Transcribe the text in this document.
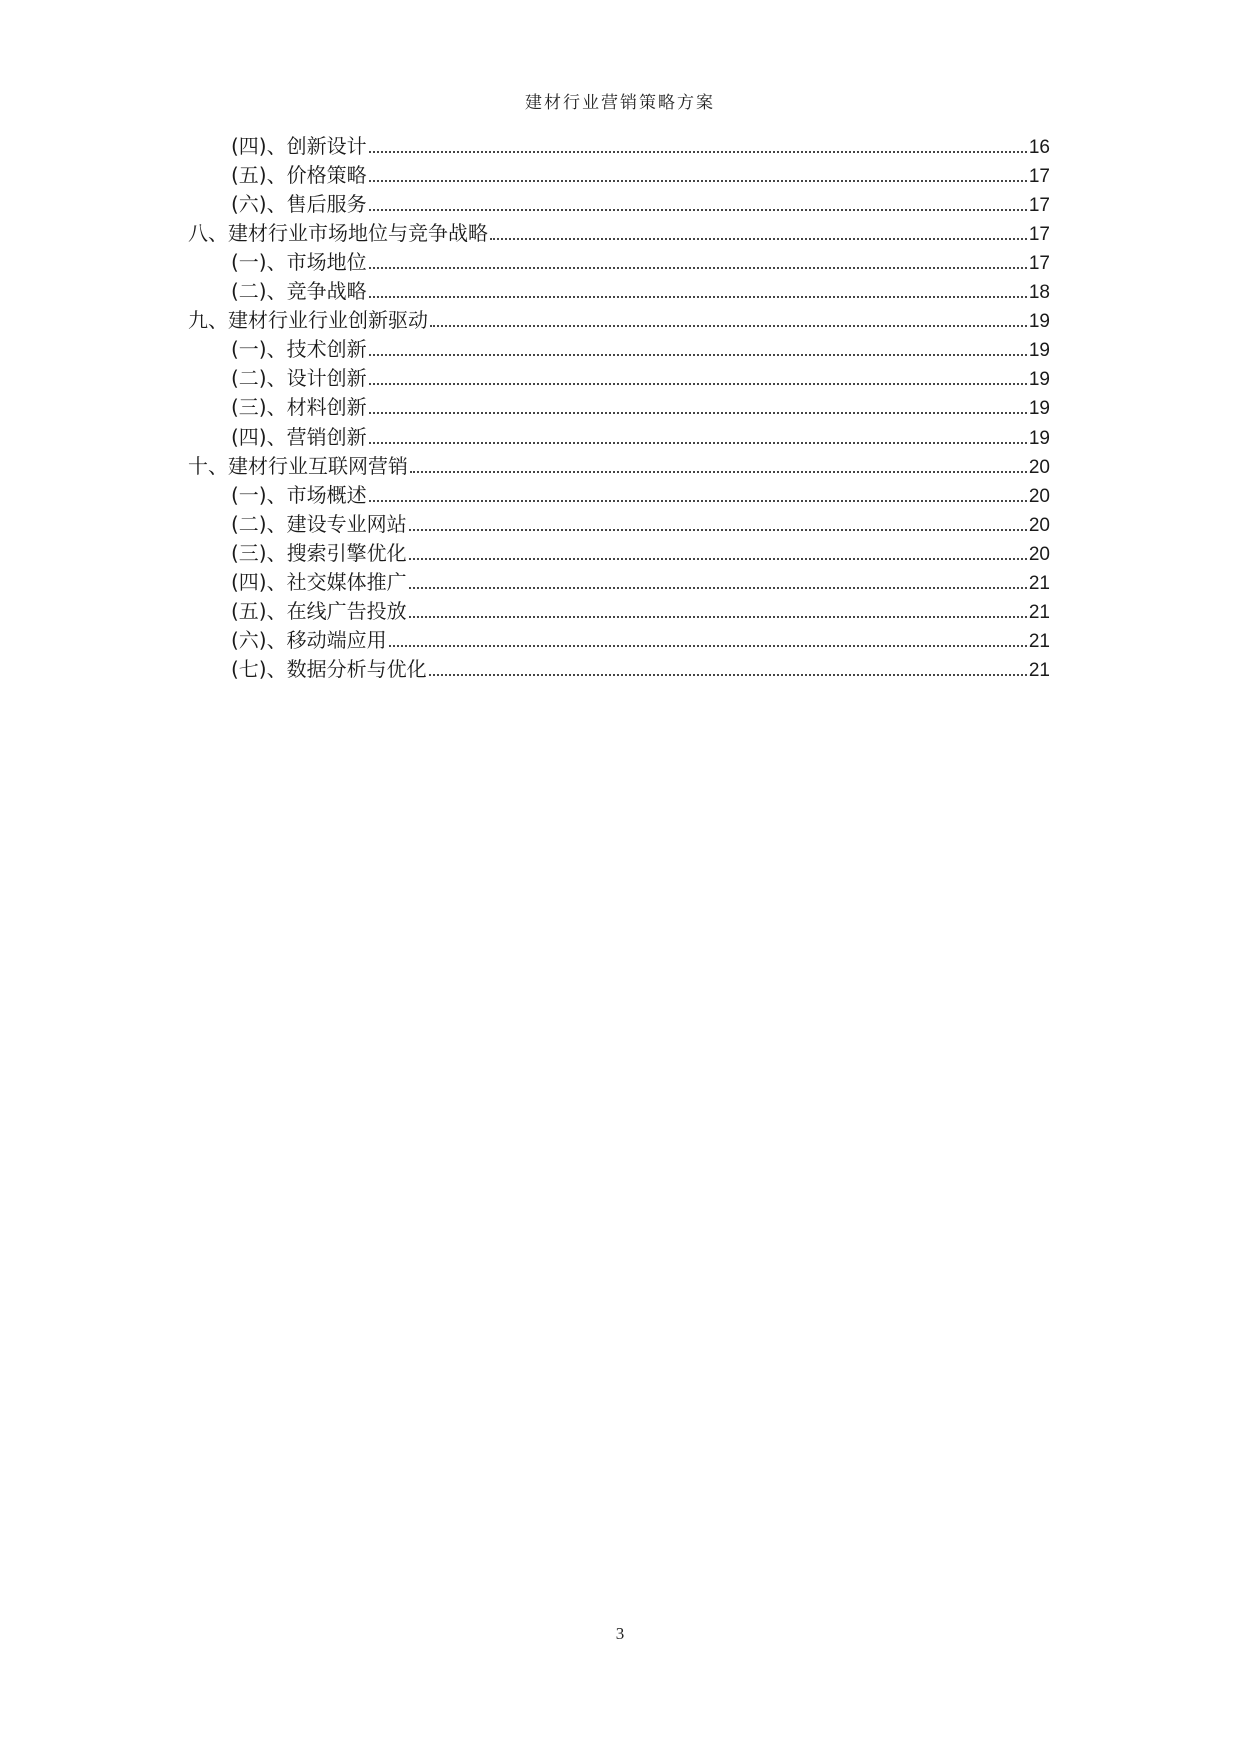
建材行业营销策略方案
(四)、创新设计	16
(五)、价格策略	17
(六)、售后服务	17
八、建材行业市场地位与竞争战略	17
(一)、市场地位	17
(二)、竞争战略	18
九、建材行业行业创新驱动	19
(一)、技术创新	19
(二)、设计创新	19
(三)、材料创新	19
(四)、营销创新	19
十、建材行业互联网营销	20
(一)、市场概述	20
(二)、建设专业网站	20
(三)、搜索引擎优化	20
(四)、社交媒体推广	21
(五)、在线广告投放	21
(六)、移动端应用	21
(七)、数据分析与优化	21
3
